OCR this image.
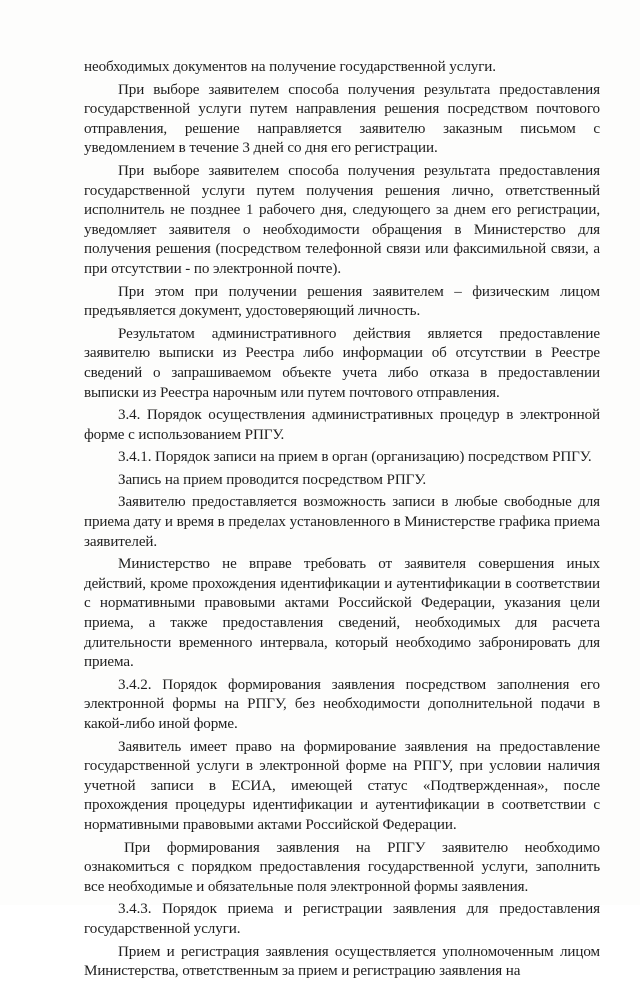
необходимых документов на получение государственной услуги.

При выборе заявителем способа получения результата предоставления государственной услуги путем направления решения посредством почтового отправления, решение направляется заявителю заказным письмом с уведомлением в течение 3 дней со дня его регистрации.

При выборе заявителем способа получения результата предоставления государственной услуги путем получения решения лично, ответственный исполнитель не позднее 1 рабочего дня, следующего за днем его регистрации, уведомляет заявителя о необходимости обращения в Министерство для получения решения (посредством телефонной связи или факсимильной связи, а при отсутствии - по электронной почте).

При этом при получении решения заявителем – физическим лицом предъявляется документ, удостоверяющий личность.

Результатом административного действия является предоставление заявителю выписки из Реестра либо информации об отсутствии в Реестре сведений о запрашиваемом объекте учета либо отказа в предоставлении выписки из Реестра нарочным или путем почтового отправления.

3.4. Порядок осуществления административных процедур в электронной форме с использованием РПГУ.

3.4.1. Порядок записи на прием в орган (организацию) посредством РПГУ.

Запись на прием проводится посредством РПГУ.

Заявителю предоставляется возможность записи в любые свободные для приема дату и время в пределах установленного в Министерстве графика приема заявителей.

Министерство не вправе требовать от заявителя совершения иных действий, кроме прохождения идентификации и аутентификации в соответствии с нормативными правовыми актами Российской Федерации, указания цели приема, а также предоставления сведений, необходимых для расчета длительности временного интервала, который необходимо забронировать для приема.

3.4.2. Порядок формирования заявления посредством заполнения его электронной формы на РПГУ, без необходимости дополнительной подачи в какой-либо иной форме.

Заявитель имеет право на формирование заявления на предоставление государственной услуги в электронной форме на РПГУ, при условии наличия учетной записи в ЕСИА, имеющей статус «Подтвержденная», после прохождения процедуры идентификации и аутентификации в соответствии с нормативными правовыми актами Российской Федерации.

При формирования заявления на РПГУ заявителю необходимо ознакомиться с порядком предоставления государственной услуги, заполнить все необходимые и обязательные поля электронной формы заявления.

3.4.3. Порядок приема и регистрации заявления для предоставления государственной услуги.

Прием и регистрация заявления осуществляется уполномоченным лицом Министерства, ответственным за прием и регистрацию заявления на
